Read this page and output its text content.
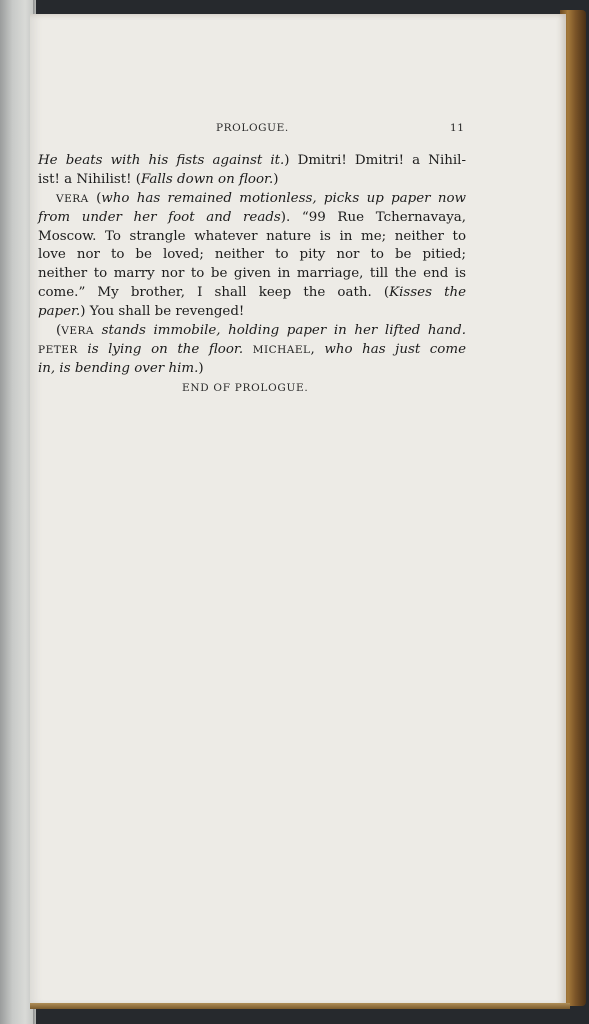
PROLOGUE.	11
He beats with his fists against it.) Dmitri! Dmitri! a Nihil-
ist! a Nihilist! (Falls down on floor.)
VERA (who has remained motionless, picks up paper now
from under her foot and reads). “99 Rue Tchernavaya,
Moscow. To strangle whatever nature is in me; neither to
love nor to be loved; neither to pity nor to be pitied;
neither to marry nor to be given in marriage, till the end is
come.” My brother, I shall keep the oath. (Kisses the
paper.) You shall be revenged!
(VERA stands immobile, holding paper in her lifted hand.
PETER is lying on the floor. MICHAEL, who has just come
in, is bending over him.)
END OF PROLOGUE.
